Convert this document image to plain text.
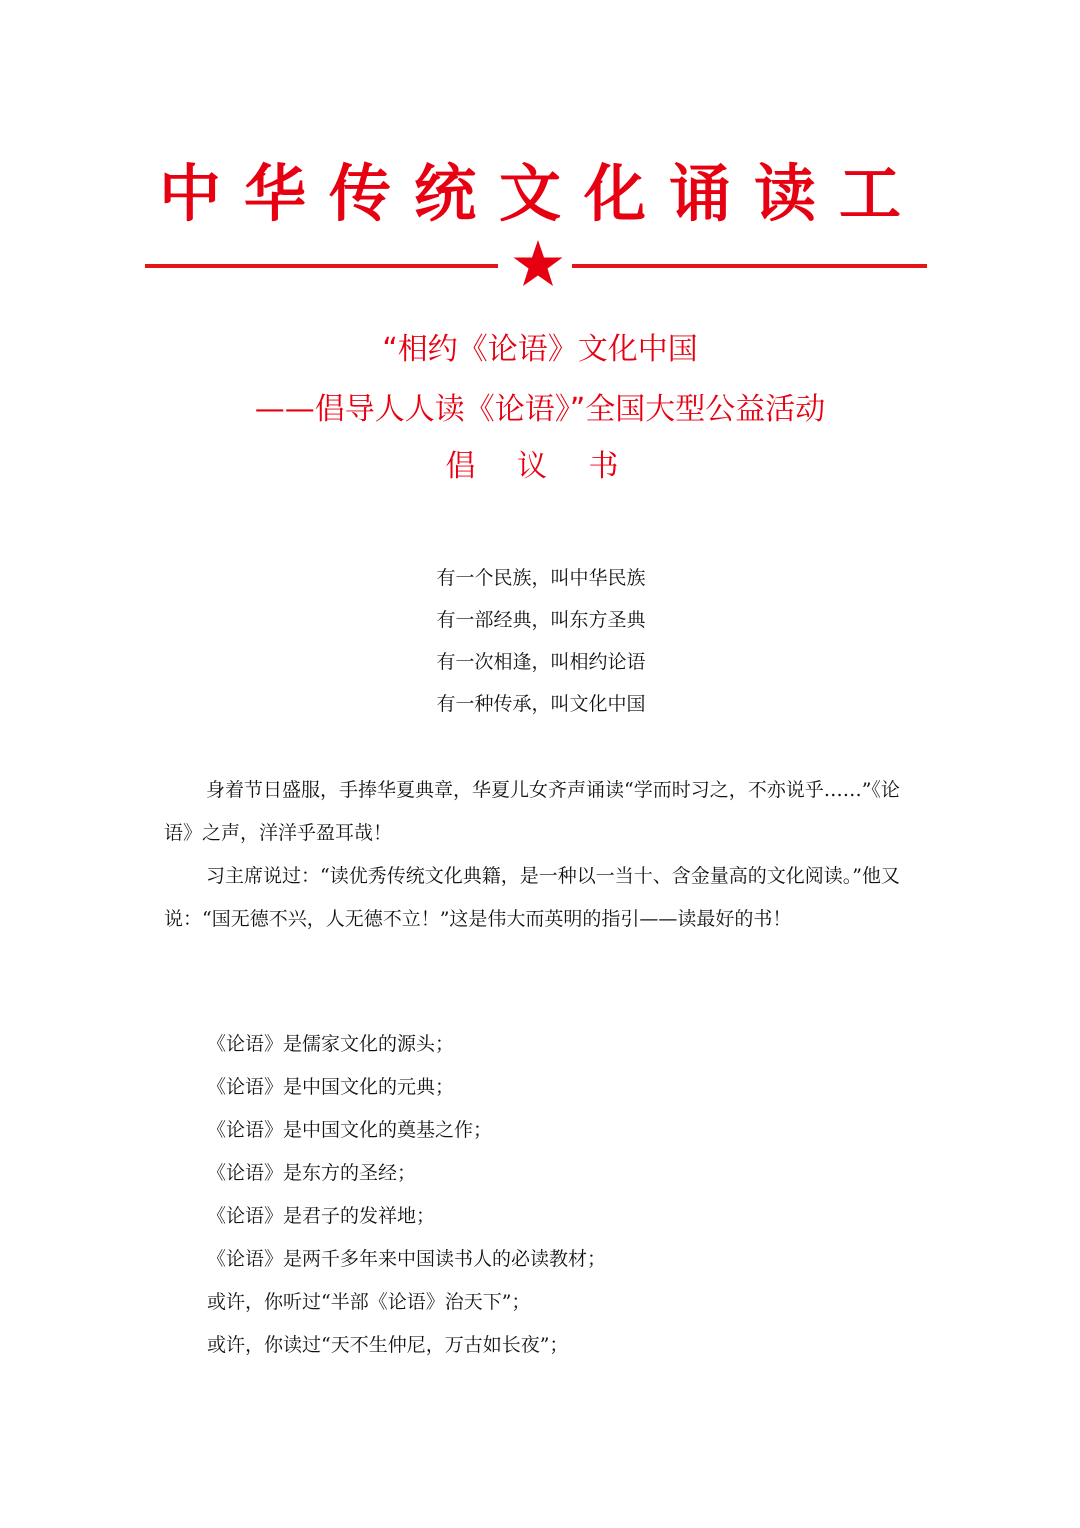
中 华 传 统 文 化 诵 读 工
“相约《论语》文化中国
——倡导人人读《论语》”全国大型公益活动
倡 议 书
有一个民族，叫中华民族
有一部经典，叫东方圣典
有一次相逢，叫相约论语
有一种传承，叫文化中国
身着节日盛服，手捧华夏典章，华夏儿女齐声诵读“学而时习之，不亦说乎……”《论语》之声，洋洋乎盈耳哉！
习主席说过：“读优秀传统文化典籍，是一种以一当十、含金量高的文化阅读。”他又说：“国无德不兴，人无德不立！”这是伟大而英明的指引——读最好的书！
《论语》是儒家文化的源头；
《论语》是中国文化的元典；
《论语》是中国文化的奠基之作；
《论语》是东方的圣经；
《论语》是君子的发祥地；
《论语》是两千多年来中国读书人的必读教材；
或许，你听过“半部《论语》治天下”；
或许，你读过“天不生仲尼，万古如长夜”；
